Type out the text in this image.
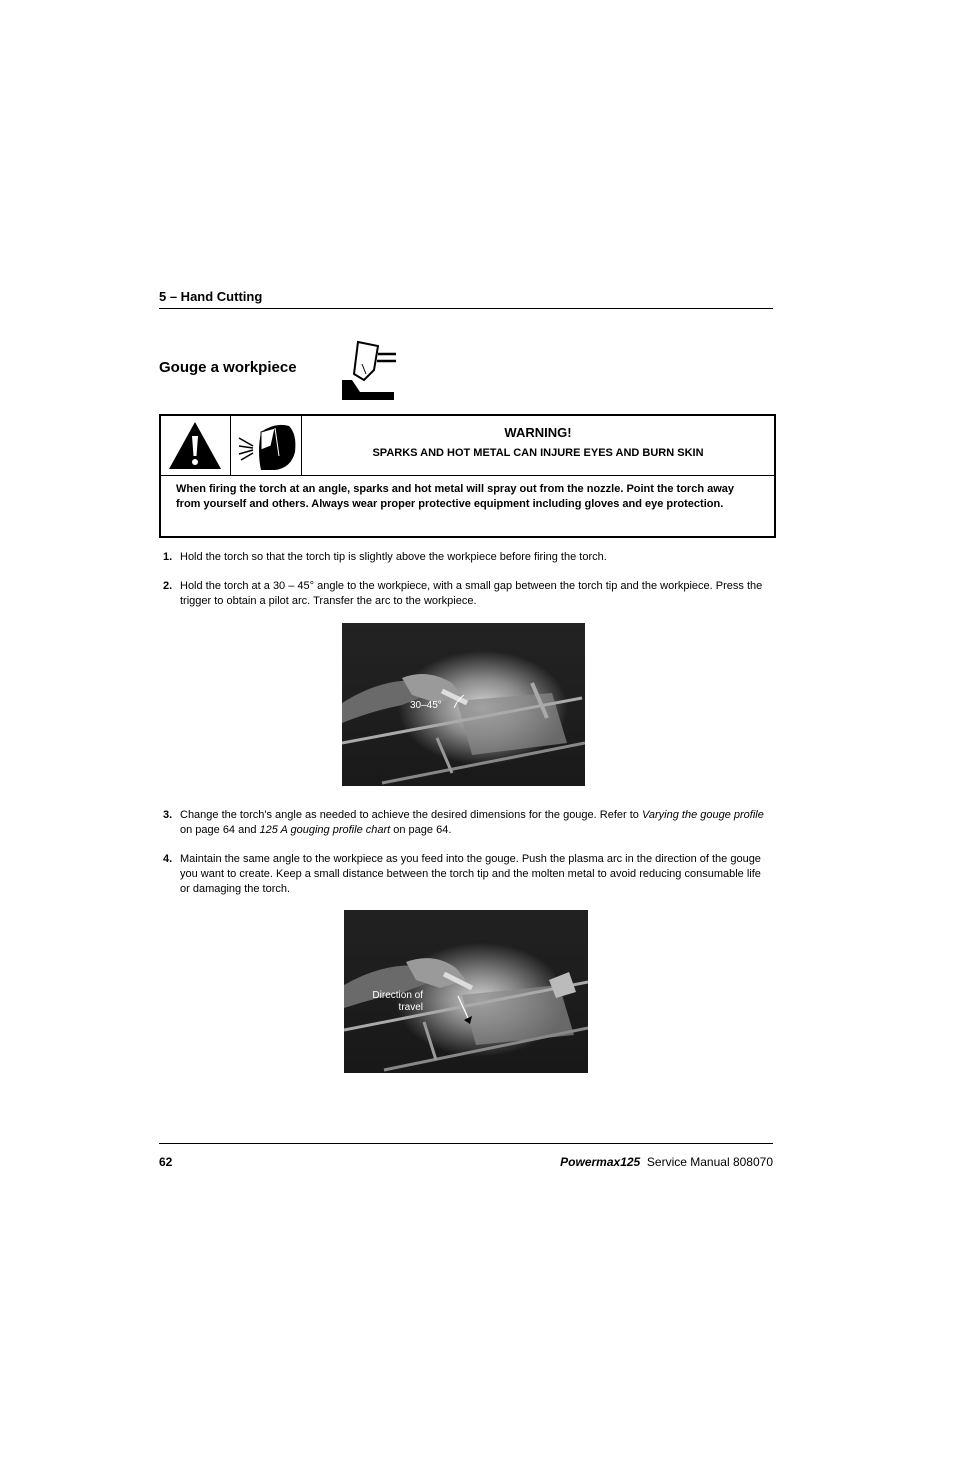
5 – Hand Cutting
Gouge a workpiece
WARNING!
SPARKS AND HOT METAL CAN INJURE EYES AND BURN SKIN
When firing the torch at an angle, sparks and hot metal will spray out from the nozzle. Point the torch away from yourself and others. Always wear proper protective equipment including gloves and eye protection.
1. Hold the torch so that the torch tip is slightly above the workpiece before firing the torch.
2. Hold the torch at a 30 – 45° angle to the workpiece, with a small gap between the torch tip and the workpiece. Press the trigger to obtain a pilot arc. Transfer the arc to the workpiece.
30–45°
3. Change the torch's angle as needed to achieve the desired dimensions for the gouge. Refer to Varying the gouge profile on page 64 and 125 A gouging profile chart on page 64.
4. Maintain the same angle to the workpiece as you feed into the gouge. Push the plasma arc in the direction of the gouge you want to create. Keep a small distance between the torch tip and the molten metal to avoid reducing consumable life or damaging the torch.
Direction of
travel
62	Powermax125 Service Manual 808070
